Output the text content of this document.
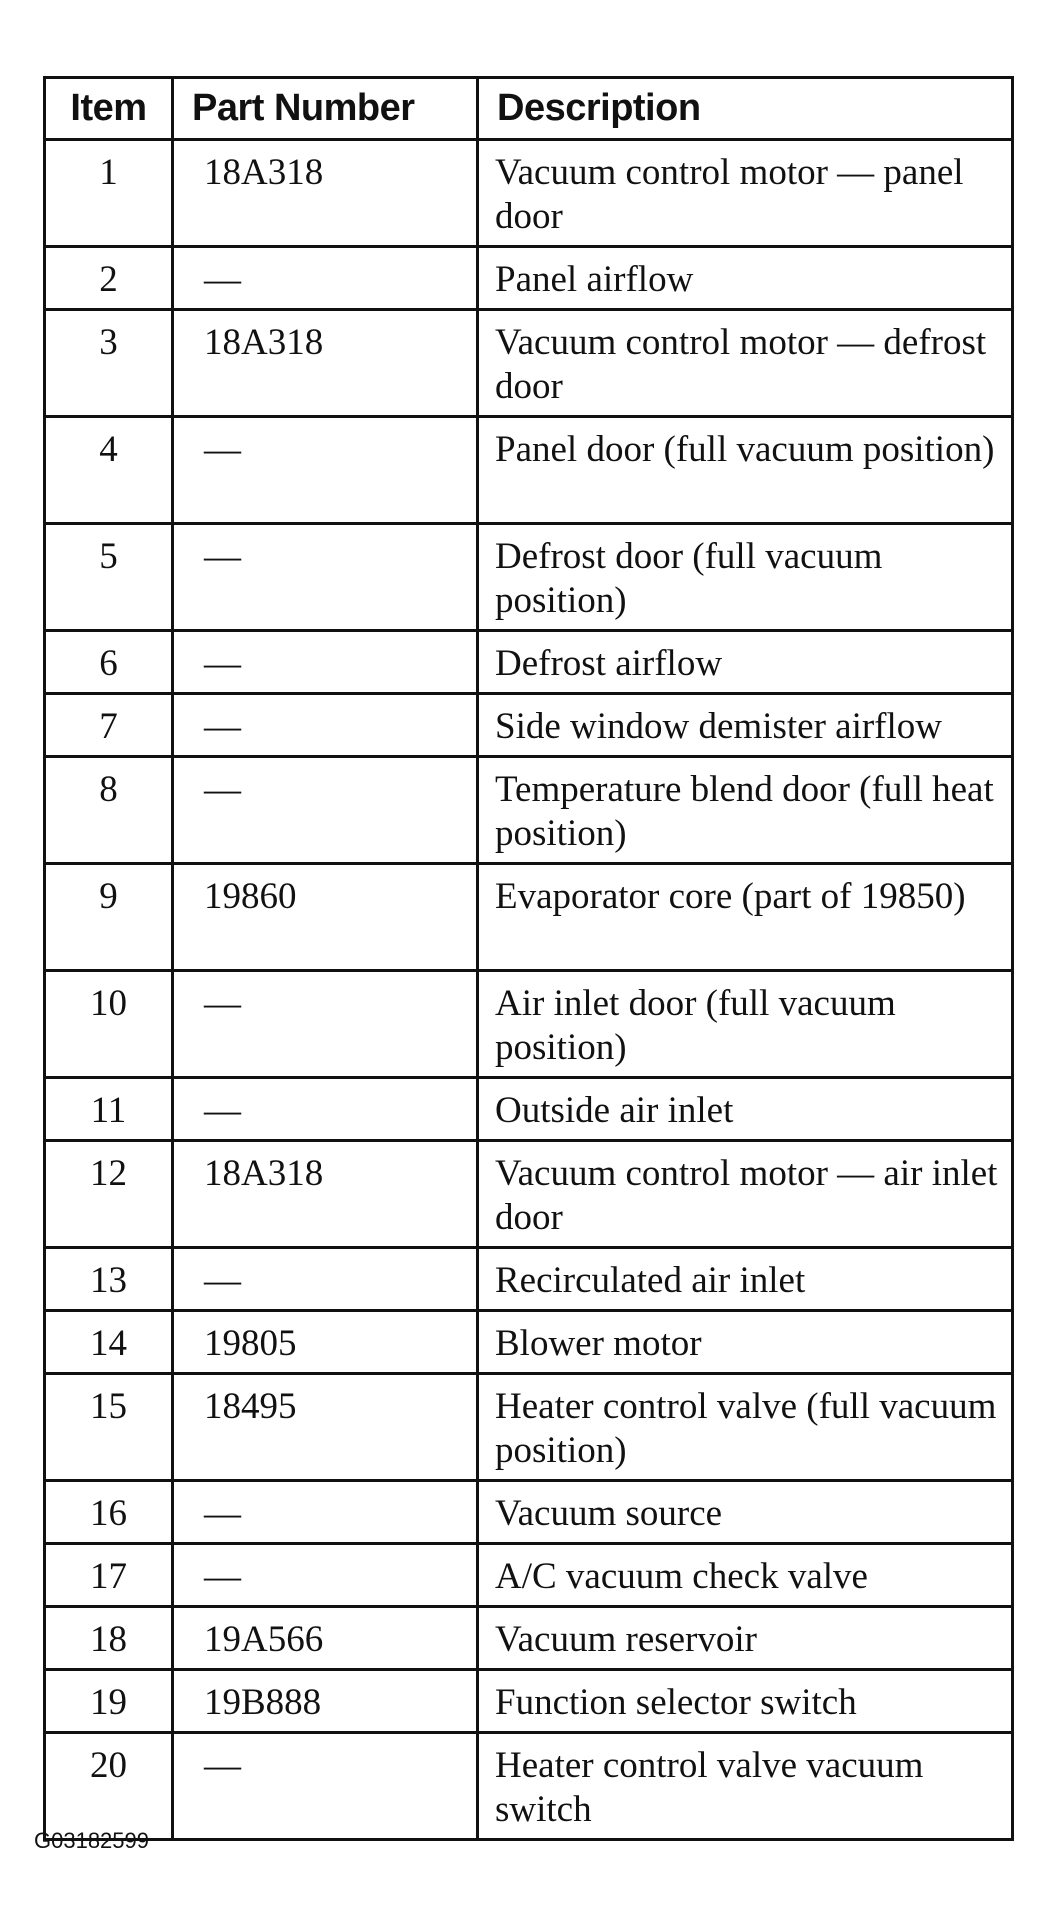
Item	Part Number	Description
1	18A318	Vacuum control motor — panel door
2	—	Panel airflow
3	18A318	Vacuum control motor — defrost door
4	—	Panel door (full vacuum position)
5	—	Defrost door (full vacuum position)
6	—	Defrost airflow
7	—	Side window demister airflow
8	—	Temperature blend door (full heat position)
9	19860	Evaporator core (part of 19850)
10	—	Air inlet door (full vacuum position)
11	—	Outside air inlet
12	18A318	Vacuum control motor — air inlet door
13	—	Recirculated air inlet
14	19805	Blower motor
15	18495	Heater control valve (full vacuum position)
16	—	Vacuum source
17	—	A/C vacuum check valve
18	19A566	Vacuum reservoir
19	19B888	Function selector switch
20	—	Heater control valve vacuum switch
G03182599
